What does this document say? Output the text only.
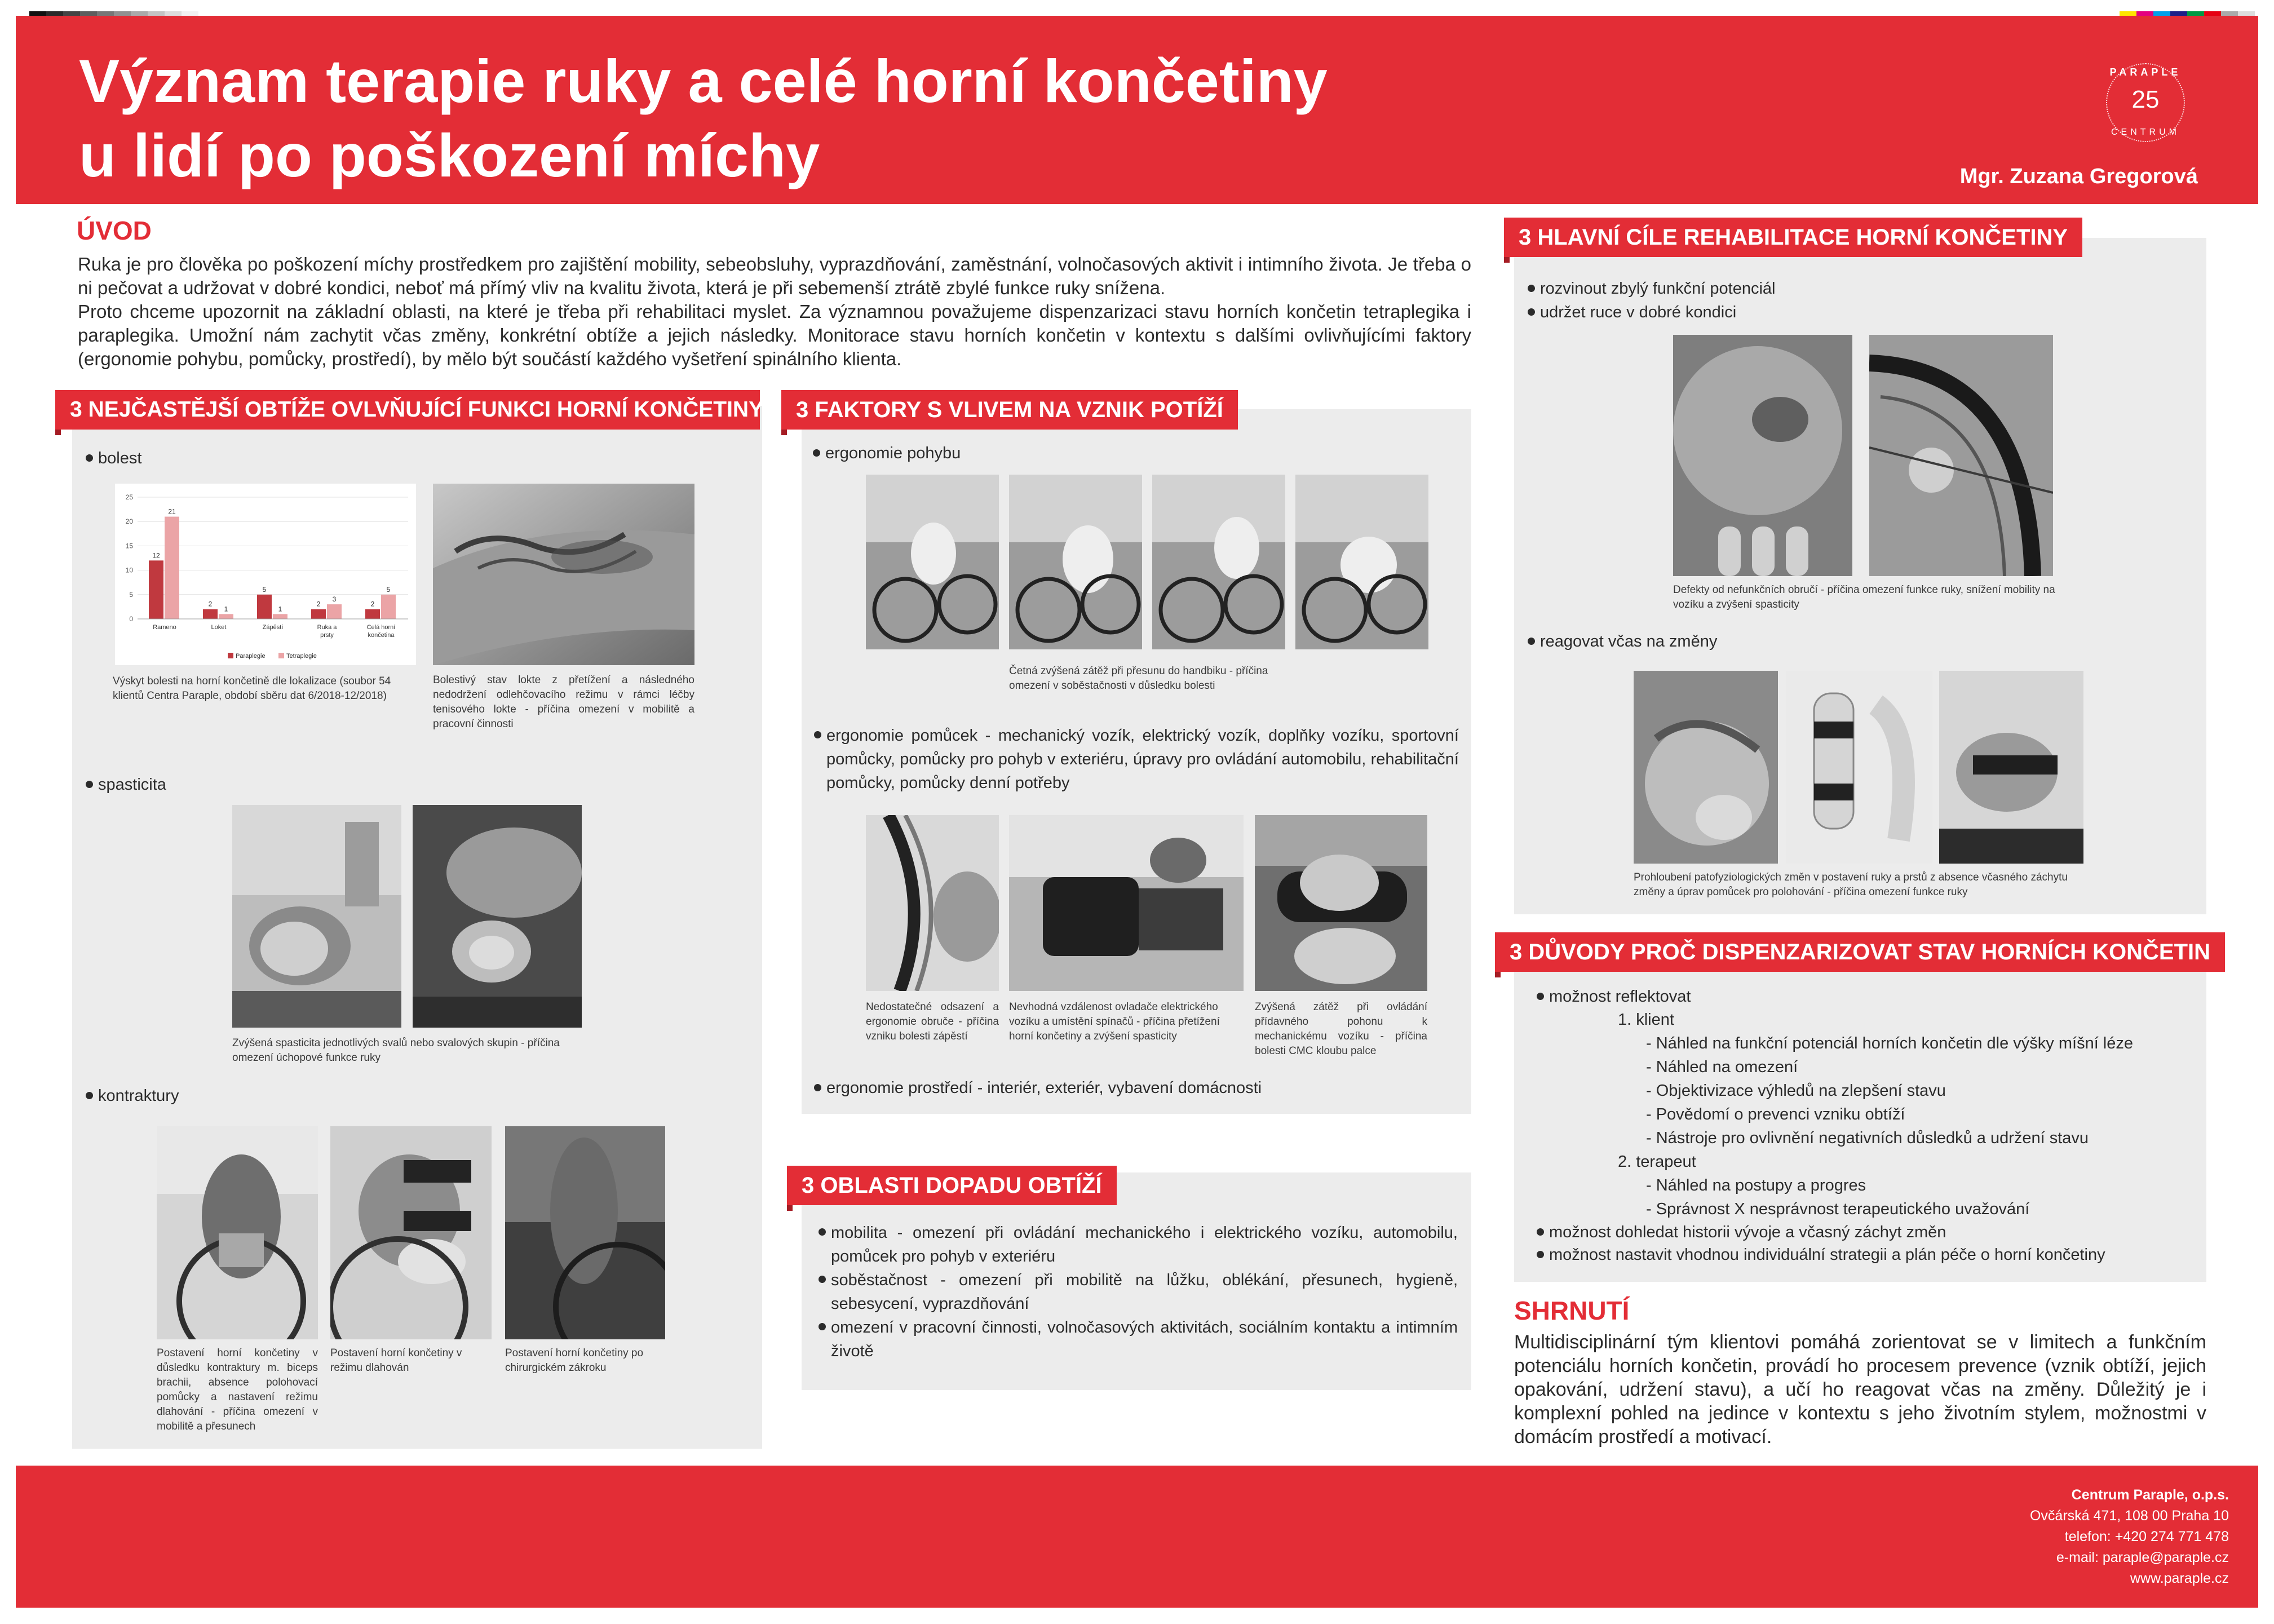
Význam terapie ruky a celé horní končetiny
u lidí po poškození míchy
PARAPLE
25
CENTRUM
Mgr. Zuzana Gregorová
ÚVOD

Ruka je pro člověka po poškození míchy prostředkem pro zajištění mobility, sebeobsluhy, vyprazdňování, zaměstnání, volnočasových aktivit i intimního života. Je třeba o ni pečovat a udržovat v dobré kondici, neboť má přímý vliv na kvalitu života, která je při sebemenší ztrátě zbylé funkce ruky snížena.

Proto chceme upozornit na základní oblasti, na které je třeba při rehabilitaci myslet. Za významnou považujeme dispenzarizaci stavu horních končetin tetraplegika i paraplegika. Umožní nám zachytit včas změny, konkrétní obtíže a jejich následky. Monitorace stavu horních končetin v kontextu s dalšími ovlivňujícími faktory (ergonomie pohybu, pomůcky, prostředí), by mělo být součástí každého vyšetření spinálního klienta.

3 NEJČASTĚJŠÍ OBTÍŽE OVLVŇUJÍCÍ FUNKCI HORNÍ KONČETINY
bolest
0
5
10
15
20
25
12
21
Rameno
2
1
Loket
5
1
Zápěstí
2
3
Ruka a
prsty
2
5
Celá horní
končetina
Paraplegie	Tetraplegie
Výskyt bolesti na horní končetině dle lokalizace (soubor 54 klientů Centra Paraple, období sběru dat 6/2018-12/2018)
Bolestivý stav lokte z přetížení a následného nedodržení odlehčovacího režimu v rámci léčby tenisového lokte - příčina omezení v mobilitě a pracovní činnosti
spasticita
Zvýšená spasticita jednotlivých svalů nebo svalových skupin - příčina omezení úchopové funkce ruky
kontraktury
Postavení horní končetiny v důsledku kontraktury m. biceps brachii, absence polohovací pomůcky a nastavení režimu dlahování - příčina omezení v mobilitě a přesunech
Postavení horní končetiny v režimu dlahován
Postavení horní končetiny po chirurgickém zákroku
3 FAKTORY S VLIVEM NA VZNIK POTÍŽÍ
ergonomie pohybu
Četná zvýšená zátěž při přesunu do handbiku - příčina omezení v soběstačnosti v důsledku bolesti
ergonomie pomůcek - mechanický vozík, elektrický vozík, doplňky vozíku, sportovní pomůcky, pomůcky pro pohyb v exteriéru, úpravy pro ovládání automobilu, rehabilitační pomůcky, pomůcky denní potřeby
Nedostatečné odsazení a ergonomie obruče - příčina vzniku bolesti zápěstí
Nevhodná vzdálenost ovladače elektrického vozíku a umístění spínačů - příčina přetížení horní končetiny a zvýšení spasticity
Zvýšená zátěž při ovládání přídavného pohonu k mechanickému vozíku - příčina bolesti CMC kloubu palce
ergonomie prostředí - interiér, exteriér, vybavení domácnosti
3 OBLASTI DOPADU OBTÍŽÍ
mobilita - omezení při ovládání mechanického i elektrického vozíku, automobilu, pomůcek pro pohyb v exteriéru
soběstačnost - omezení při mobilitě na lůžku, oblékání, přesunech, hygieně, sebesycení, vyprazdňování
omezení v pracovní činnosti, volnočasových aktivitách, sociálním kontaktu a intimním životě
3 HLAVNÍ CÍLE REHABILITACE HORNÍ KONČETINY
rozvinout zbylý funkční potenciál
udržet ruce v dobré kondici
Defekty od nefunkčních obručí - příčina omezení funkce ruky, snížení mobility na vozíku a zvýšení spasticity
reagovat včas na změny
Prohloubení patofyziologických změn v postavení ruky a prstů z absence včasného záchytu změny a úprav pomůcek pro polohování - příčina omezení funkce ruky
3 DŮVODY PROČ DISPENZARIZOVAT STAV HORNÍCH KONČETIN
možnost reflektovat
1. klient
- Náhled na funkční potenciál horních končetin dle výšky míšní léze
- Náhled na omezení
- Objektivizace výhledů na zlepšení stavu
- Povědomí o prevenci vzniku obtíží
- Nástroje pro ovlivnění negativních důsledků a udržení stavu
2. terapeut
- Náhled na postupy a progres
- Správnost X nesprávnost terapeutického uvažování
možnost dohledat historii vývoje a včasný záchyt změn
možnost nastavit vhodnou individuální strategii a plán péče o horní končetiny
SHRNUTÍ
Multidisciplinární tým klientovi pomáhá zorientovat se v limitech a funkčním potenciálu horních končetin, provádí ho procesem prevence (vznik obtíží, jejich opakování, udržení stavu), a učí ho reagovat včas na změny. Důležitý je i komplexní pohled na jedince v kontextu s jeho životním stylem, možnostmi v domácím prostředí a motivací.
Centrum Paraple, o.p.s.
Ovčárská 471, 108 00 Praha 10
telefon: +420 274 771 478
e-mail: paraple@paraple.cz
www.paraple.cz
